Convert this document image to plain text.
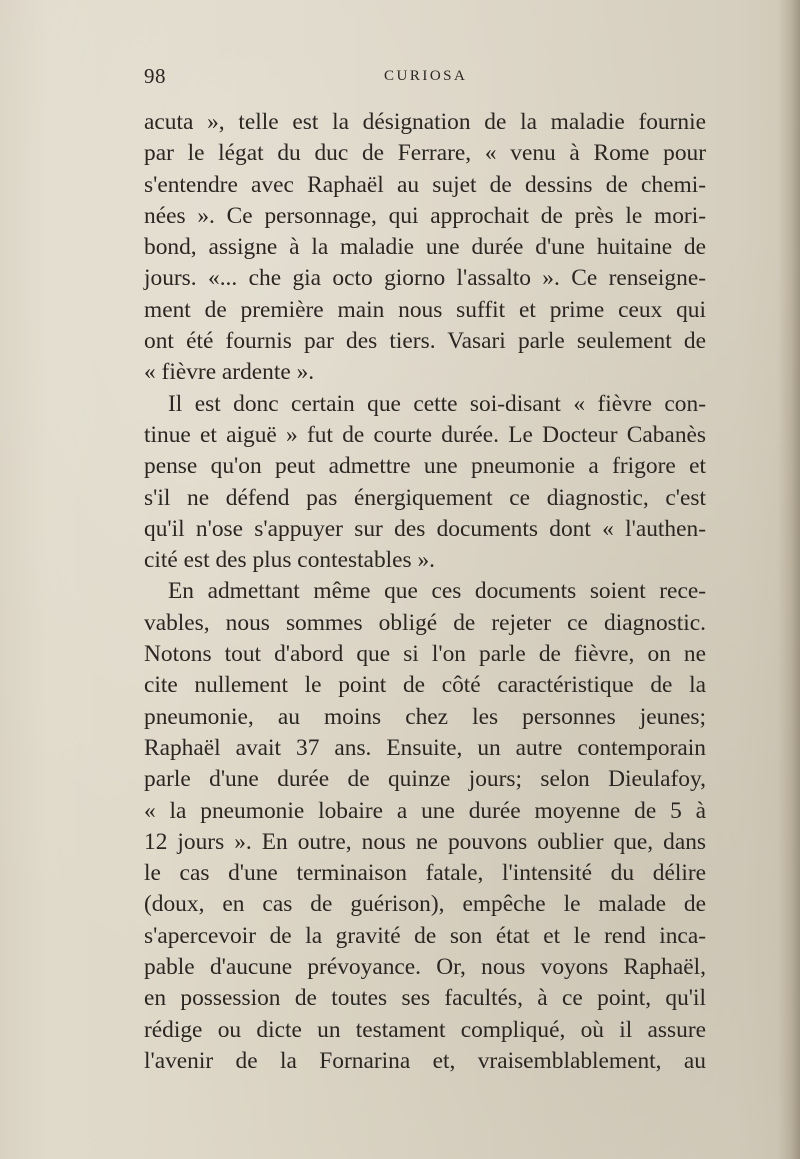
98	CURIOSA
acuta », telle est la désignation de la maladie fournie
par le légat du duc de Ferrare, « venu à Rome pour
s'entendre avec Raphaël au sujet de dessins de chemi-
nées ». Ce personnage, qui approchait de près le mori-
bond, assigne à la maladie une durée d'une huitaine de
jours. «... che gia octo giorno l'assalto ». Ce renseigne-
ment de première main nous suffit et prime ceux qui
ont été fournis par des tiers. Vasari parle seulement de
« fièvre ardente ».
Il est donc certain que cette soi-disant « fièvre con-
tinue et aiguë » fut de courte durée. Le Docteur Cabanès
pense qu'on peut admettre une pneumonie a frigore et
s'il ne défend pas énergiquement ce diagnostic, c'est
qu'il n'ose s'appuyer sur des documents dont « l'authen-
cité est des plus contestables ».
En admettant même que ces documents soient rece-
vables, nous sommes obligé de rejeter ce diagnostic.
Notons tout d'abord que si l'on parle de fièvre, on ne
cite nullement le point de côté caractéristique de la
pneumonie, au moins chez les personnes jeunes;
Raphaël avait 37 ans. Ensuite, un autre contemporain
parle d'une durée de quinze jours; selon Dieulafoy,
« la pneumonie lobaire a une durée moyenne de 5 à
12 jours ». En outre, nous ne pouvons oublier que, dans
le cas d'une terminaison fatale, l'intensité du délire
(doux, en cas de guérison), empêche le malade de
s'apercevoir de la gravité de son état et le rend inca-
pable d'aucune prévoyance. Or, nous voyons Raphaël,
en possession de toutes ses facultés, à ce point, qu'il
rédige ou dicte un testament compliqué, où il assure
l'avenir de la Fornarina et, vraisemblablement, au
